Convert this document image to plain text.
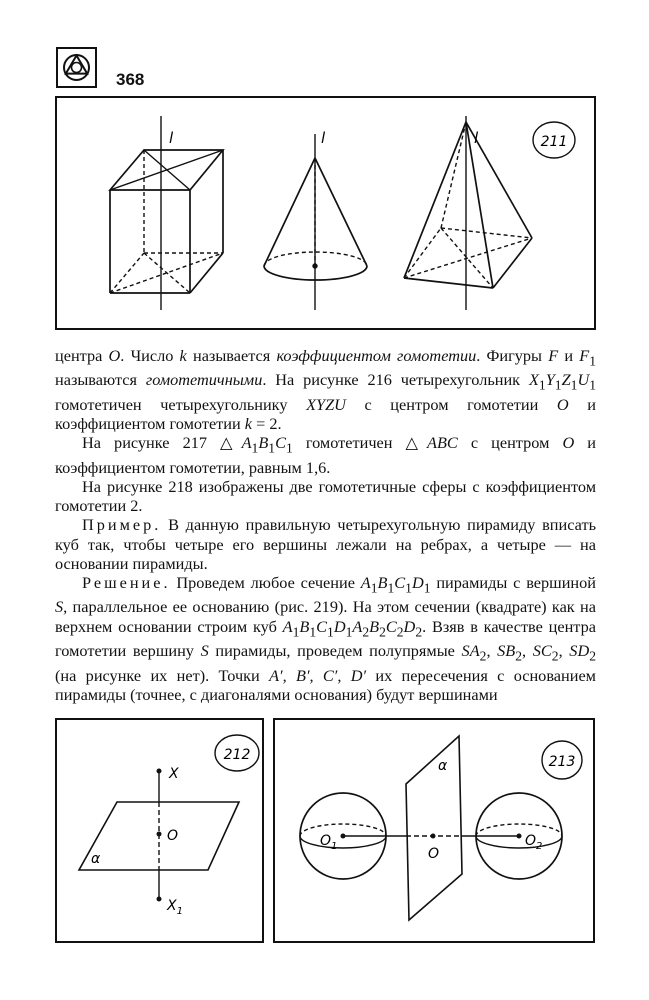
368
l	l	l	211

центра O. Число k называется коэффициентом гомотетии. Фигуры F и $F_1$ называются гомотетичными. На рисунке 216 четырехугольник $X_1Y_1Z_1U_1$ гомотетичен четырехугольнику XYZU с центром гомотетии O и коэффициентом гомотетии k = 2.

На рисунке 217 $\triangle A_1B_1C_1$ гомотетичен △ABC с центром O и коэффициентом гомотетии, равным 1,6.

На рисунке 218 изображены две гомотетичные сферы с коэффициентом гомотетии 2.

Пример. В данную правильную четырехугольную пирамиду вписать куб так, чтобы четыре его вершины лежали на ребрах, а четыре — на основании пирамиды.

Решение. Проведем любое сечение $A_1B_1C_1D_1$ пирамиды с вершиной S, параллельное ее основанию (рис. 219). На этом сечении (квадрате) как на верхнем основании строим куб $A_1B_1C_1D_1A_2B_2C_2D_2$. Взяв в качестве центра гомотетии вершину S пирамиды, проведем полупрямые $SA_2$, $SB_2$, $SC_2$, $SD_2$ (на рисунке их нет). Точки A′, B′, C′, D′ их пересечения с основанием пирамиды (точнее, с диагоналями основания) будут вершинами

X
O
$X_1$
α
212
$O_1$	O
$O_2$
α	213
